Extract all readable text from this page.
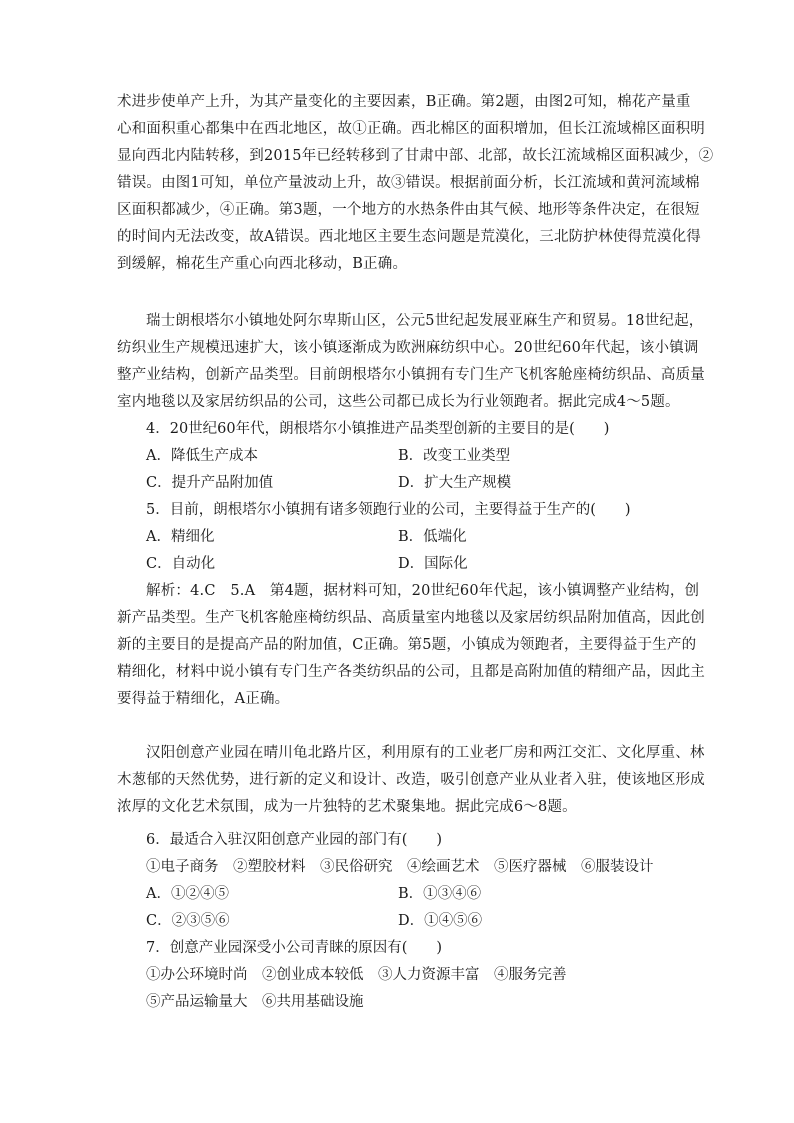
术进步使单产上升，为其产量变化的主要因素，B正确。第2题，由图2可知，棉花产量重
心和面积重心都集中在西北地区，故①正确。西北棉区的面积增加，但长江流域棉区面积明
显向西北内陆转移，到2015年已经转移到了甘肃中部、北部，故长江流域棉区面积减少，②
错误。由图1可知，单位产量波动上升，故③错误。根据前面分析，长江流域和黄河流域棉
区面积都减少，④正确。第3题，一个地方的水热条件由其气候、地形等条件决定，在很短
的时间内无法改变，故A错误。西北地区主要生态问题是荒漠化，三北防护林使得荒漠化得
到缓解，棉花生产重心向西北移动，B正确。
瑞士朗根塔尔小镇地处阿尔卑斯山区，公元5世纪起发展亚麻生产和贸易。18世纪起，
纺织业生产规模迅速扩大，该小镇逐渐成为欧洲麻纺织中心。20世纪60年代起，该小镇调
整产业结构，创新产品类型。目前朗根塔尔小镇拥有专门生产飞机客舱座椅纺织品、高质量
室内地毯以及家居纺织品的公司，这些公司都已成长为行业领跑者。据此完成4～5题。
4．20世纪60年代，朗根塔尔小镇推进产品类型创新的主要目的是(　　)
A．降低生产成本	B．改变工业类型
C．提升产品附加值	D．扩大生产规模
5．目前，朗根塔尔小镇拥有诸多领跑行业的公司，主要得益于生产的(　　)
A．精细化	B．低端化
C．自动化	D．国际化
解析：4.C　5.A　第4题，据材料可知，20世纪60年代起，该小镇调整产业结构，创
新产品类型。生产飞机客舱座椅纺织品、高质量室内地毯以及家居纺织品附加值高，因此创
新的主要目的是提高产品的附加值，C正确。第5题，小镇成为领跑者，主要得益于生产的
精细化，材料中说小镇有专门生产各类纺织品的公司，且都是高附加值的精细产品，因此主
要得益于精细化，A正确。
汉阳创意产业园在晴川龟北路片区，利用原有的工业老厂房和两江交汇、文化厚重、林
木葱郁的天然优势，进行新的定义和设计、改造，吸引创意产业从业者入驻，使该地区形成
浓厚的文化艺术氛围，成为一片独特的艺术聚集地。据此完成6～8题。
6．最适合入驻汉阳创意产业园的部门有(　　)
①电子商务　②塑胶材料　③民俗研究　④绘画艺术　⑤医疗器械　⑥服装设计
A．①②④⑤	B．①③④⑥
C．②③⑤⑥	D．①④⑤⑥
7．创意产业园深受小公司青睐的原因有(　　)
①办公环境时尚　②创业成本较低　③人力资源丰富　④服务完善
⑤产品运输量大　⑥共用基础设施
